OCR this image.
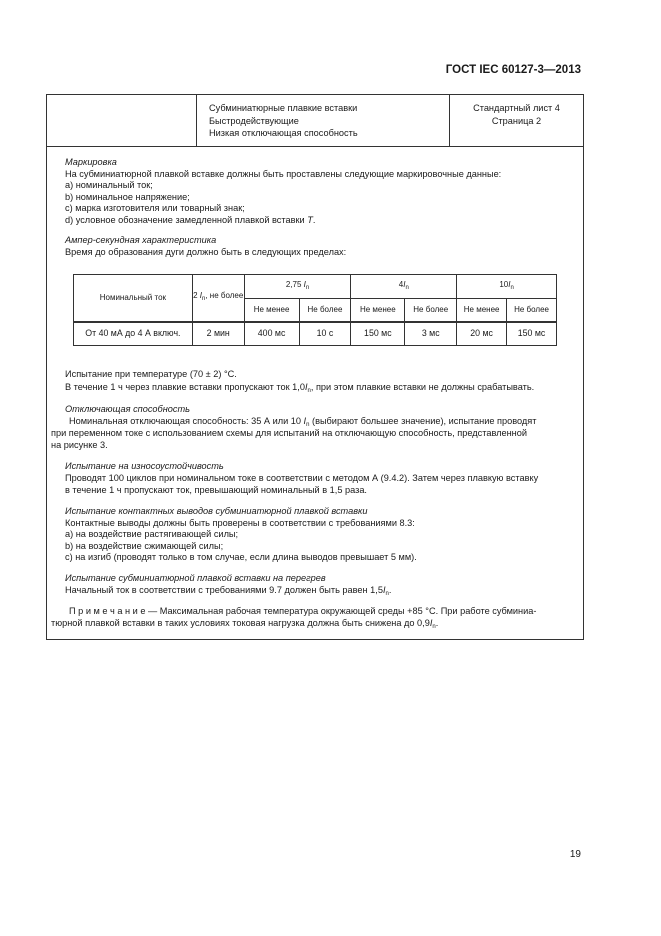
ГОСТ IEC 60127-3—2013
Субминиатюрные плавкие вставки
Быстродействующие
Низкая отключающая способность
Стандартный лист 4
Страница 2
Маркировка
На субминиатюрной плавкой вставке должны быть проставлены следующие маркировочные данные:
a) номинальный ток;
b) номинальное напряжение;
c) марка изготовителя или товарный знак;
d) условное обозначение замедленной плавкой вставки T.
Ампер-секундная характеристика
Время до образования дуги должно быть в следующих пределах:
Номинальный ток	2 $I_n$, не более	2,75 $I_n$		$4I_n$		$10I_n$
		Не менее	Не более	Не менее	Не более	Не менее	Не более
От 40 мА до 4 А включ.	2 мин	400 мс	10 с	150 мс	3 мс	20 мс	150 мс
Испытание при температуре (70 ± 2) °С.
В течение 1 ч через плавкие вставки пропускают ток $1,0I_n$, при этом плавкие вставки не должны срабатывать.
Отключающая способность
Номинальная отключающая способность: 35 А или 10 $I_n$ (выбирают большее значение), испытание проводят
при переменном токе с использованием схемы для испытаний на отключающую способность, представленной
на рисунке 3.
Испытание на износоустойчивость
Проводят 100 циклов при номинальном токе в соответствии с методом А (9.4.2). Затем через плавкую вставку
в течение 1 ч пропускают ток, превышающий номинальный в 1,5 раза.
Испытание контактных выводов субминиатюрной плавкой вставки
Контактные выводы должны быть проверены в соответствии с требованиями 8.3:
a) на воздействие растягивающей силы;
b) на воздействие сжимающей силы;
c) на изгиб (проводят только в том случае, если длина выводов превышает 5 мм).
Испытание субминиатюрной плавкой вставки на перегрев
Начальный ток в соответствии с требованиями 9.7 должен быть равен $1,5I_n$.
П р и м е ч а н и е — Максимальная рабочая температура окружающей среды +85 °С. При работе субминиа-
тюрной плавкой вставки в таких условиях токовая нагрузка должна быть снижена до $0,9I_n$.
19
